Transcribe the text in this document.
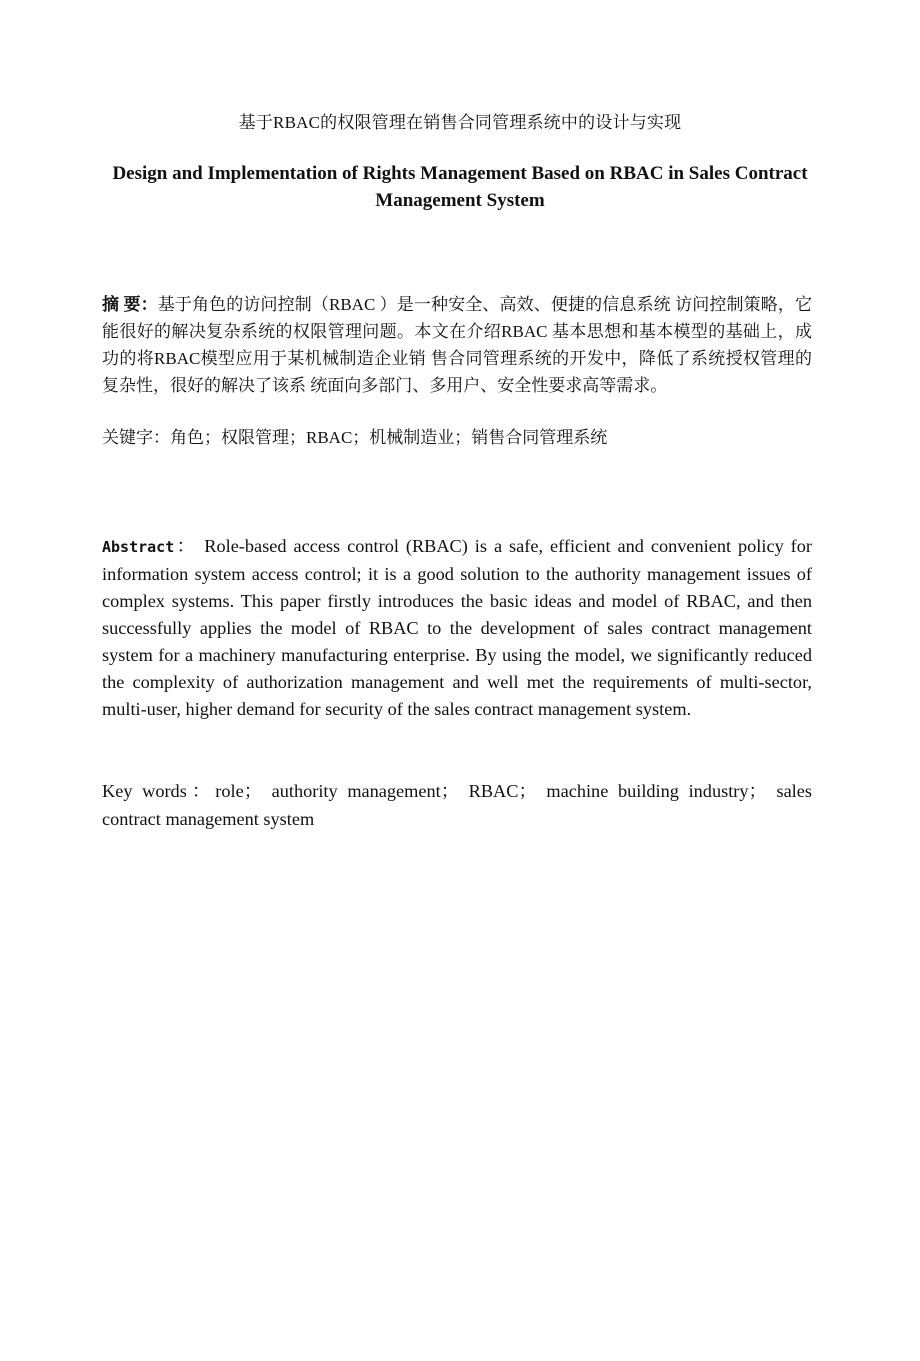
基于RBAC的权限管理在销售合同管理系统中的设计与实现
Design and Implementation of Rights Management Based on RBAC in Sales Contract Management System
摘 要：基于角色的访问控制（RBAC ）是一种安全、高效、便捷的信息系统 访问控制策略，它能很好的解决复杂系统的权限管理问题。本文在介绍RBAC 基本思想和基本模型的基础上，成功的将RBAC模型应用于某机械制造企业销 售合同管理系统的开发中，降低了系统授权管理的复杂性，很好的解决了该系 统面向多部门、多用户、安全性要求高等需求。
关键字：角色；权限管理；RBAC；机械制造业；销售合同管理系统
Abstract： Role-based access control (RBAC) is a safe, efficient and convenient policy for information system access control; it is a good solution to the authority management issues of complex systems. This paper firstly introduces the basic ideas and model of RBAC, and then successfully applies the model of RBAC to the development of sales contract management system for a machinery manufacturing enterprise. By using the model, we significantly reduced the complexity of authorization management and well met the requirements of multi-sector, multi-user, higher demand for security of the sales contract management system.
Key words：role； authority management； RBAC； machine building industry； sales contract management system
